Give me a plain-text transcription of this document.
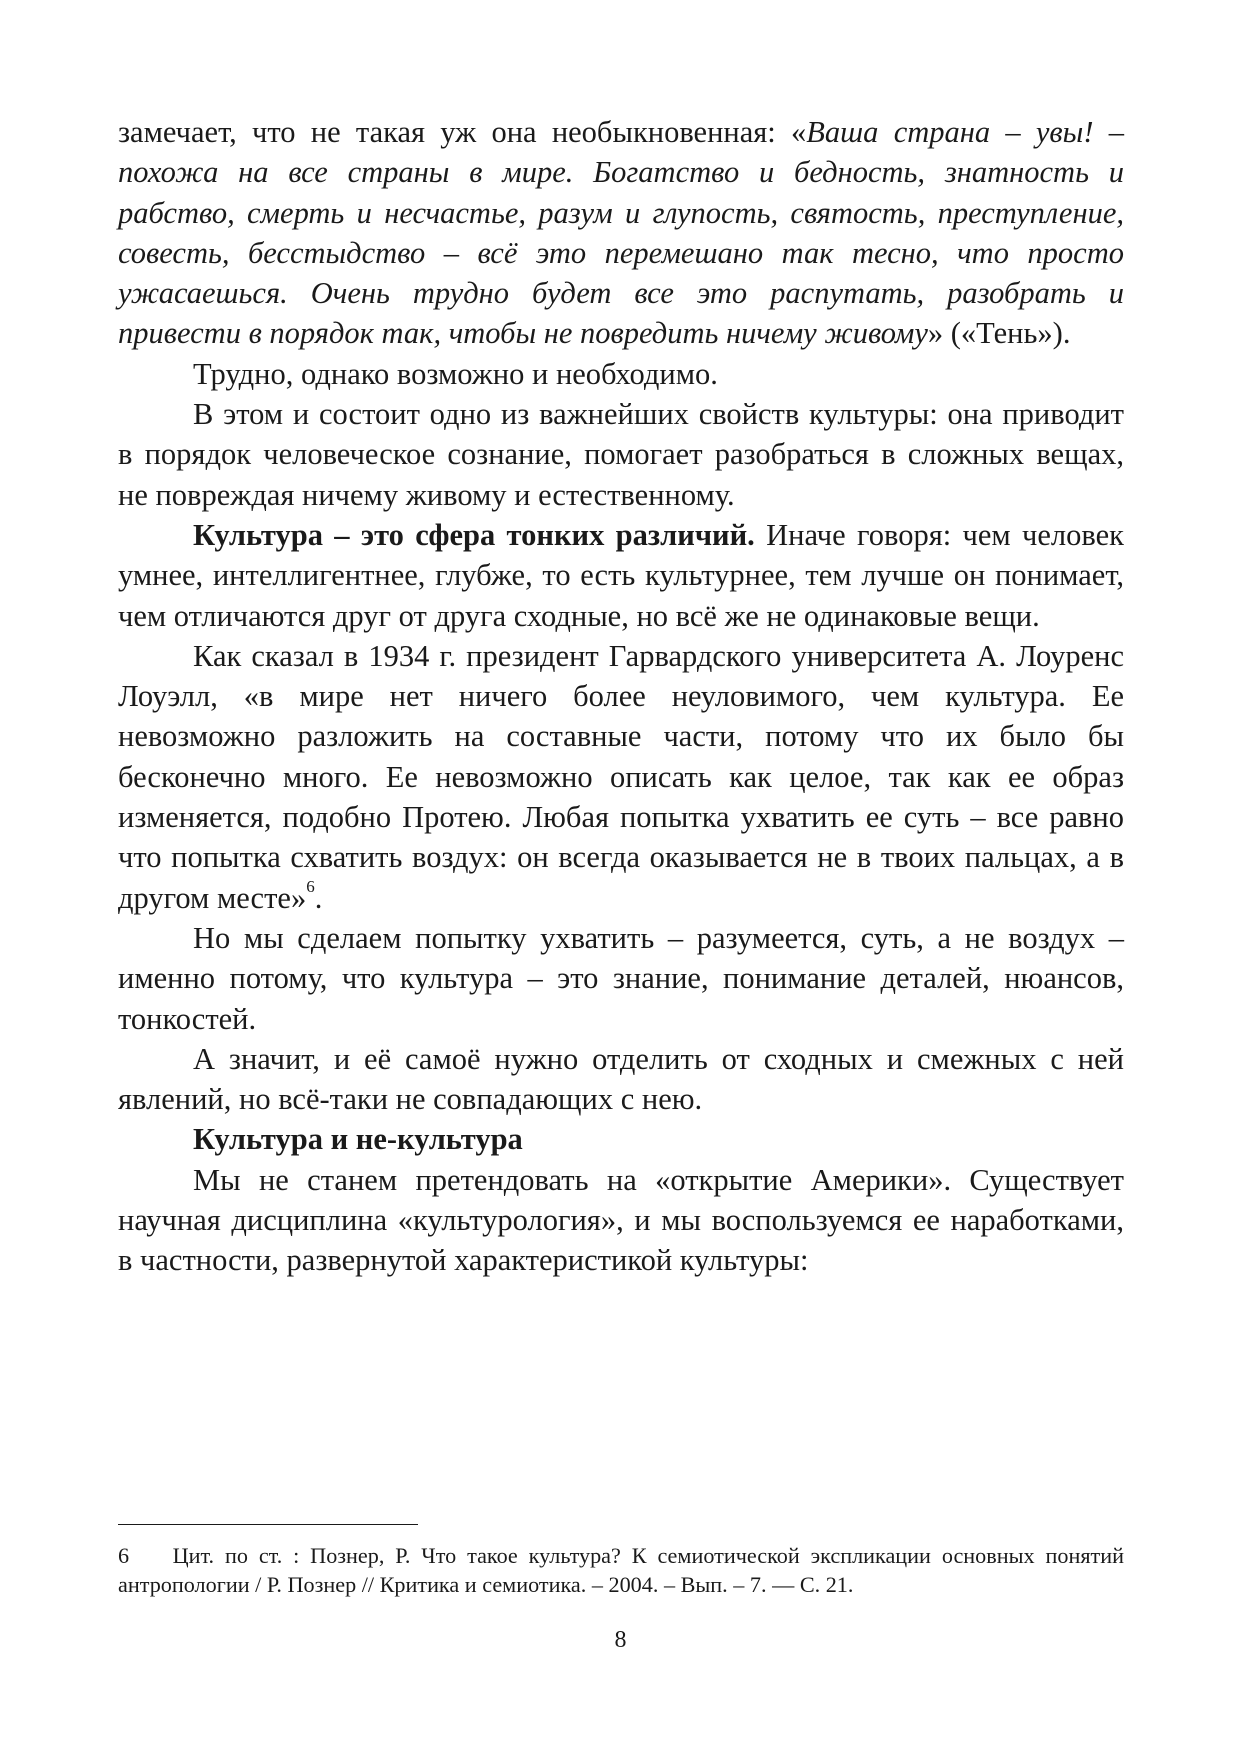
замечает, что не такая уж она необыкновенная: «Ваша страна – увы! – похожа на все страны в мире. Богатство и бедность, знатность и рабство, смерть и несчастье, разум и глупость, святость, преступление, совесть, бесстыдство – всё это перемешано так тесно, что просто ужасаешься. Очень трудно будет все это распутать, разобрать и привести в порядок так, чтобы не повредить ничему живому» («Тень»).

Трудно, однако возможно и необходимо.

В этом и состоит одно из важнейших свойств культуры: она приводит в порядок человеческое сознание, помогает разобраться в сложных вещах, не повреждая ничему живому и естественному.

Культура – это сфера тонких различий. Иначе говоря: чем человек умнее, интеллигентнее, глубже, то есть культурнее, тем лучше он понимает, чем отличаются друг от друга сходные, но всё же не одинаковые вещи.

Как сказал в 1934 г. президент Гарвардского университета А. Лоуренс Лоуэлл, «в мире нет ничего более неуловимого, чем культура. Ее невозможно разложить на составные части, потому что их было бы бесконечно много. Ее невозможно описать как целое, так как ее образ изменяется, подобно Протею. Любая попытка ухватить ее суть – все равно что попытка схватить воздух: он всегда оказывается не в твоих пальцах, а в другом месте»$^6$.

Но мы сделаем попытку ухватить – разумеется, суть, а не воздух – именно потому, что культура – это знание, понимание деталей, нюансов, тонкостей.

А значит, и её самоё нужно отделить от сходных и смежных с ней явлений, но всё-таки не совпадающих с нею.

Культура и не-культура

Мы не станем претендовать на «открытие Америки». Существует научная дисциплина «культурология», и мы воспользуемся ее наработками, в частности, развернутой характеристикой культуры:

6 Цит. по ст. : Познер, Р. Что такое культура? К семиотической экспликации основных понятий антропологии / Р. Познер // Критика и семиотика. – 2004. – Вып. – 7. — С. 21.
8
